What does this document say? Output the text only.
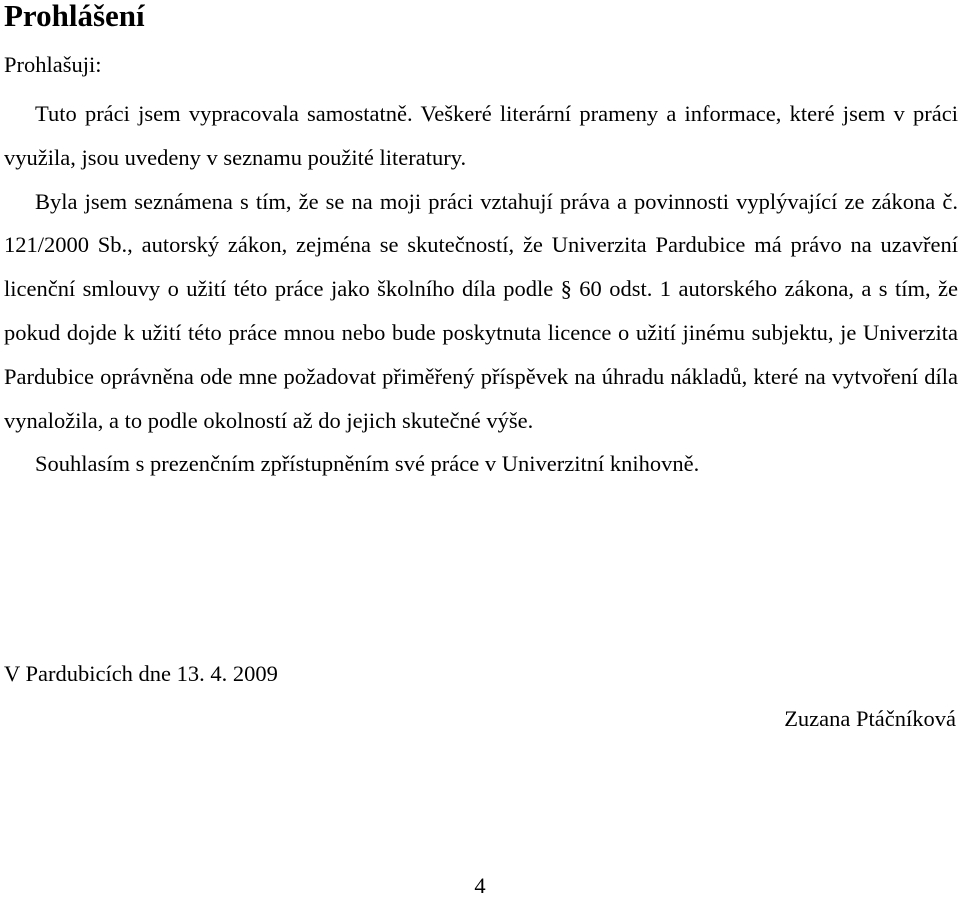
Prohlášení
Prohlašuji:

Tuto práci jsem vypracovala samostatně. Veškeré literární prameny a informace, které jsem v práci využila, jsou uvedeny v seznamu použité literatury.

Byla jsem seznámena s tím, že se na moji práci vztahují práva a povinnosti vyplývající ze zákona č. 121/2000 Sb., autorský zákon, zejména se skutečností, že Univerzita Pardubice má právo na uzavření licenční smlouvy o užití této práce jako školního díla podle § 60 odst. 1 autorského zákona, a s tím, že pokud dojde k užití této práce mnou nebo bude poskytnuta licence o užití jinému subjektu, je Univerzita Pardubice oprávněna ode mne požadovat přiměřený příspěvek na úhradu nákladů, které na vytvoření díla vynaložila, a to podle okolností až do jejich skutečné výše.

Souhlasím s prezenčním zpřístupněním své práce v Univerzitní knihovně.

V Pardubicích dne 13. 4. 2009
Zuzana Ptáčníková
4
